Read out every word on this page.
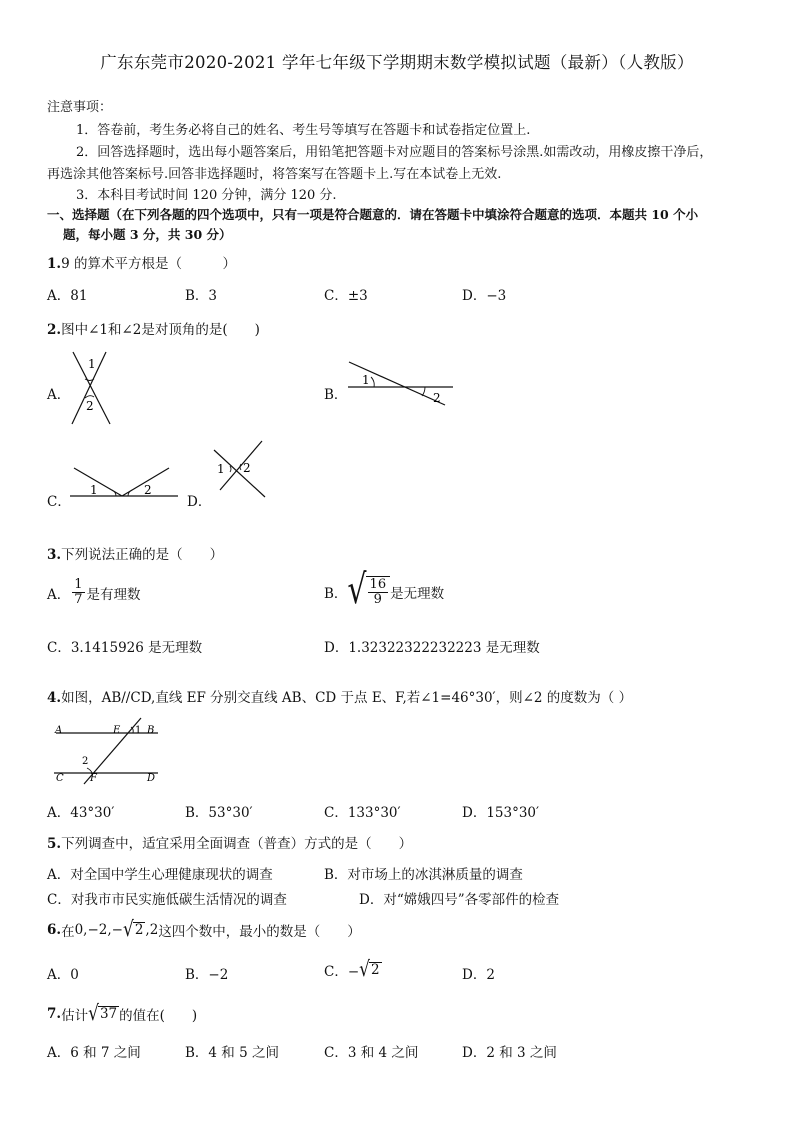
广东东莞市2020-2021 学年七年级下学期期末数学模拟试题（最新）（人教版）
注意事项：
1．答卷前，考生务必将自己的姓名、考生号等填写在答题卡和试卷指定位置上.
2．回答选择题时，选出每小题答案后，用铅笔把答题卡对应题目的答案标号涂黑.如需改动，用橡皮擦干净后，
再选涂其他答案标号.回答非选择题时，将答案写在答题卡上.写在本试卷上无效.
3．本科目考试时间 120 分钟，满分 120 分.
一、选择题（在下列各题的四个选项中，只有一项是符合题意的．请在答题卡中填涂符合题意的选项．本题共 10 个小
题，每小题 3 分，共 30 分）
1.9 的算术平方根是（　　　）
A．81	B．3	C．±3	D．−3
2.图中∠1和∠2是对顶角的是(　　)
A．
1
2
B．
1
2
C．
1	2
D．
1 2
3.下列说法正确的是（　　）
A． $\frac{1}{7}$ 是有理数	B． √ $\frac{16}{9}$ 是无理数
C．3.1415926 是无理数	D．1.32322322232223 是无理数
4.如图，AB//CD,直线 EF 分别交直线 AB、CD 于点 E、F,若∠1=46°30′，则∠2 的度数为（ ）
A	E 1 B
2
C	F	D
A．43°30′	B．53°30′	C．133°30′	D．153°30′
5.下列调查中，适宜采用全面调查（普查）方式的是（　　）
A．对全国中学生心理健康现状的调查	B．对市场上的冰淇淋质量的调查
C．对我市市民实施低碳生活情况的调查	D．对“嫦娥四号”各零部件的检查
6. 在 0,−2,− √ 2 ,2 这四个数中，最小的数是（　　）
A．0	B．−2	C．− √ 2	D．2
7. 估计 √ 37 的值在(　　)
A．6 和 7 之间	B．4 和 5 之间	C．3 和 4 之间	D．2 和 3 之间
